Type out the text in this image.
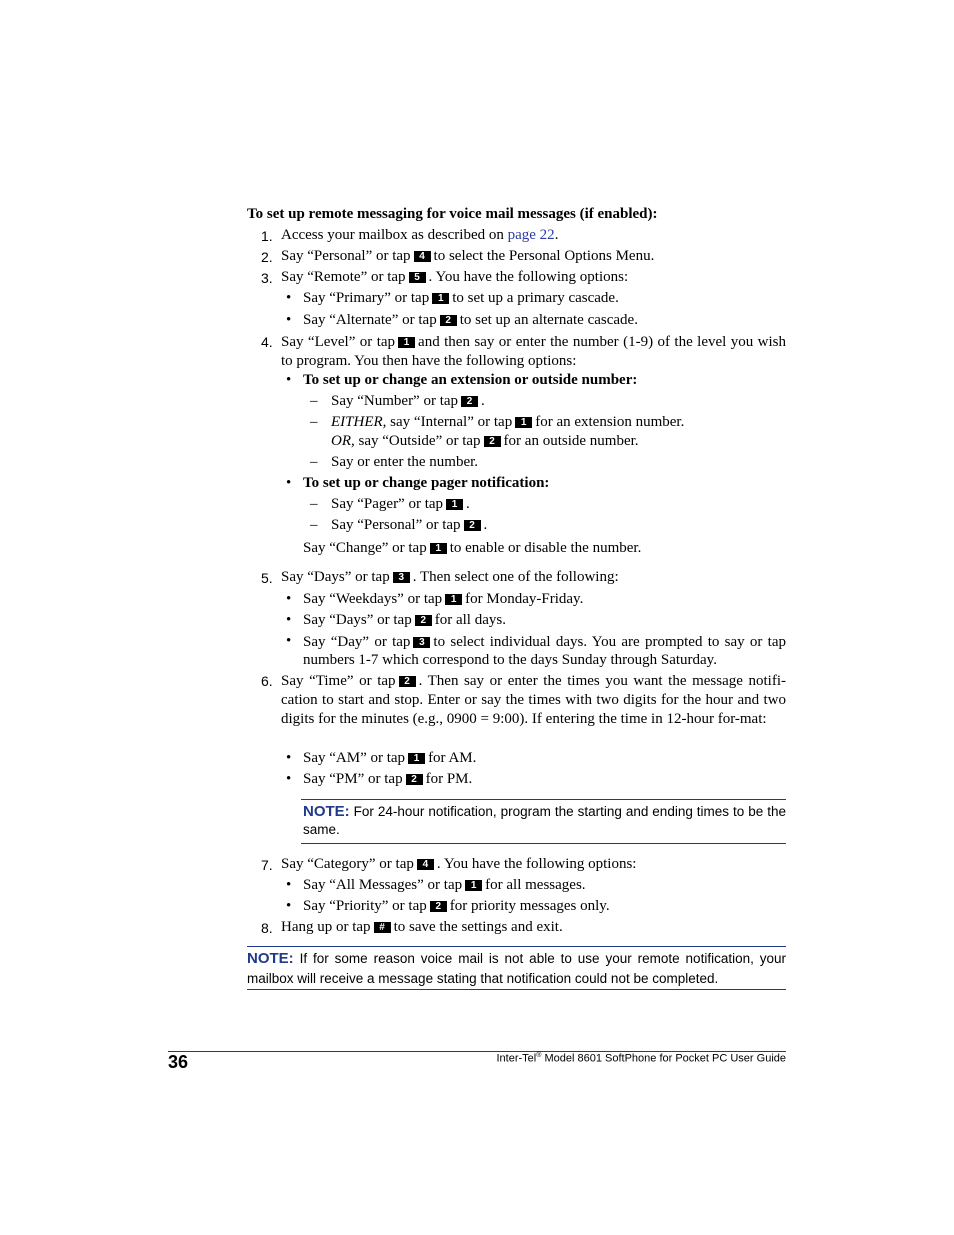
To set up remote messaging for voice mail messages (if enabled):
1. Access your mailbox as described on page 22.
2. Say “Personal” or tap 4 to select the Personal Options Menu.
3. Say “Remote” or tap 5 . You have the following options:
• Say “Primary” or tap 1 to set up a primary cascade.
• Say “Alternate” or tap 2 to set up an alternate cascade.
4. Say “Level” or tap 1 and then say or enter the number (1-9) of the level you wish to program. You then have the following options:
• To set up or change an extension or outside number:
– Say “Number” or tap 2 .
– EITHER, say “Internal” or tap 1 for an extension number.
OR, say “Outside” or tap 2 for an outside number.
– Say or enter the number.
• To set up or change pager notification:
– Say “Pager” or tap 1 .
– Say “Personal” or tap 2 .
Say “Change” or tap 1 to enable or disable the number.
5. Say “Days” or tap 3 . Then select one of the following:
• Say “Weekdays” or tap 1 for Monday-Friday.
• Say “Days” or tap 2 for all days.
• Say “Day” or tap 3 to select individual days. You are prompted to say or tap numbers 1-7 which correspond to the days Sunday through Saturday.
6. Say “Time” or tap 2 . Then say or enter the times you want the message notifi-cation to start and stop. Enter or say the times with two digits for the hour and two digits for the minutes (e.g., 0900 = 9:00). If entering the time in 12-hour for-mat:
• Say “AM” or tap 1 for AM.
• Say “PM” or tap 2 for PM.
NOTE: For 24-hour notification, program the starting and ending times to be the same.
7. Say “Category” or tap 4 . You have the following options:
• Say “All Messages” or tap 1 for all messages.
• Say “Priority” or tap 2 for priority messages only.
8. Hang up or tap # to save the settings and exit.
NOTE: If for some reason voice mail is not able to use your remote notification, your mailbox will receive a message stating that notification could not be completed.
36	Inter-Tel® Model 8601 SoftPhone for Pocket PC User Guide
